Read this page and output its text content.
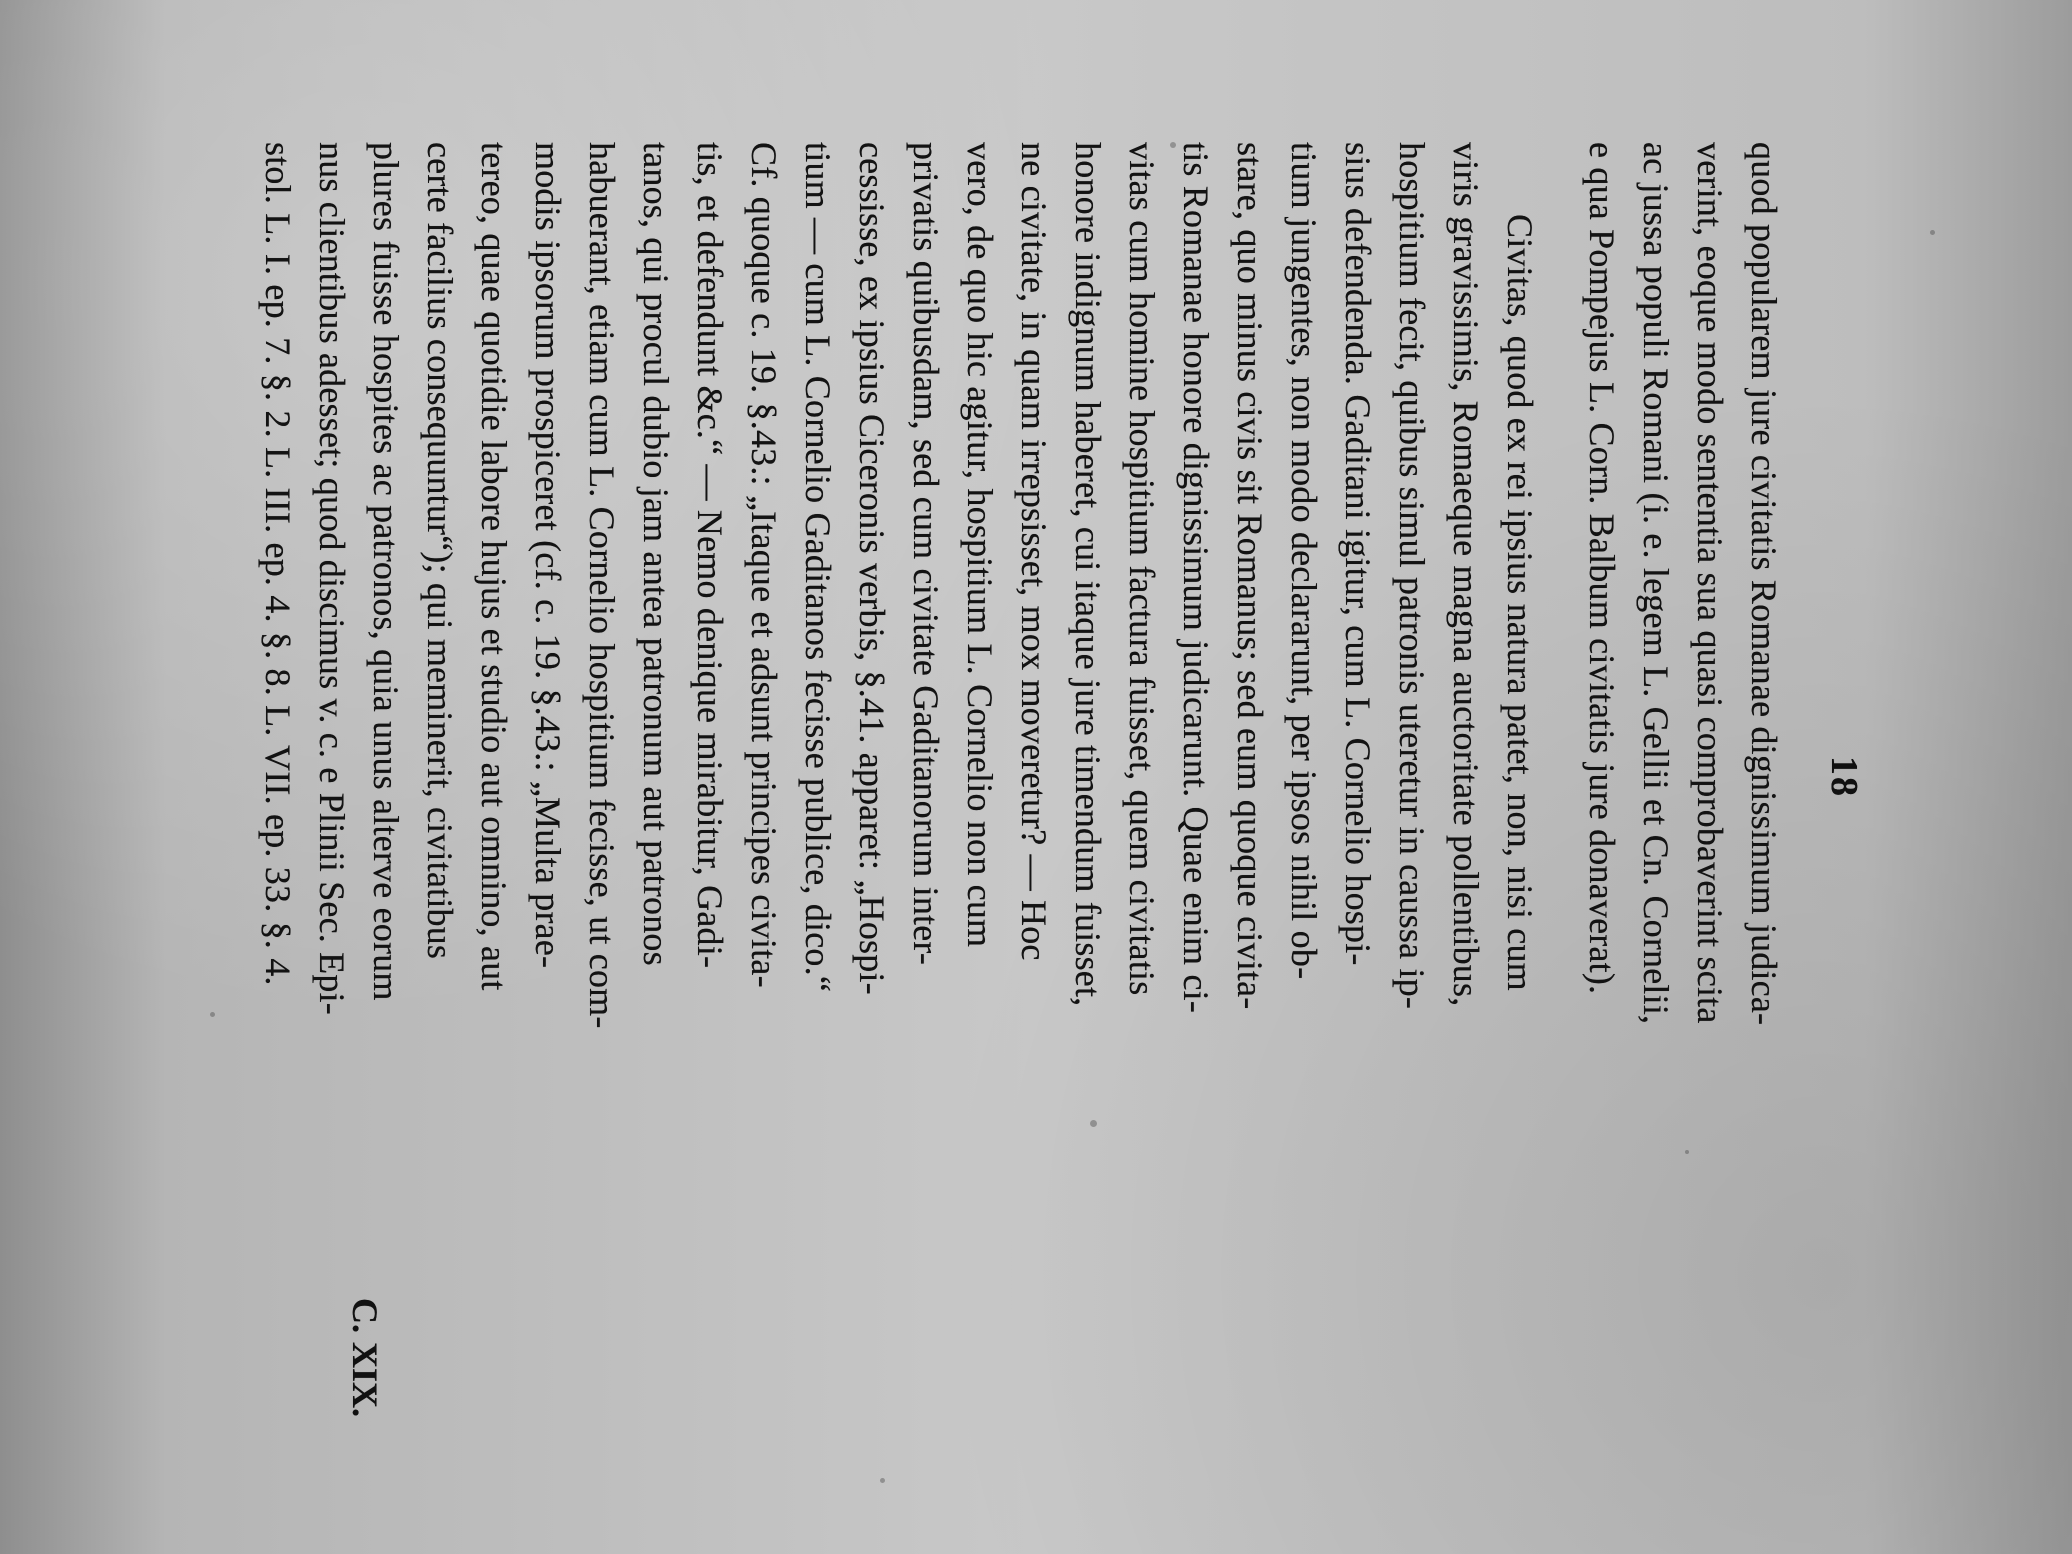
18
quod popularem jure civitatis Romanae dignissimum judica-
verint, eoque modo sententia sua quasi comprobaverint scita
ac jussa populi Romani (i. e. legem L. Gellii et Cn. Cornelii,
e qua Pompejus L. Corn. Balbum civitatis jure donaverat).
Civitas, quod ex rei ipsius natura patet, non, nisi cum
viris gravissimis, Romaeque magna auctoritate pollentibus,
hospitium fecit, quibus simul patronis uteretur in caussa ip-
sius defendenda. Gaditani igitur, cum L. Cornelio hospi-
tium jungentes, non modo declararunt, per ipsos nihil ob-
stare, quo minus civis sit Romanus; sed eum quoque civita-
tis Romanae honore dignissimum judicarunt. Quae enim ci-
vitas cum homine hospitium factura fuisset, quem civitatis
honore indignum haberet, cui itaque jure timendum fuisset,
ne civitate, in quam irrepsisset, mox moveretur? — Hoc
vero, de quo hic agitur, hospitium L. Cornelio non cum
privatis quibusdam, sed cum civitate Gaditanorum inter-
cessisse, ex ipsius Ciceronis verbis, §.41. apparet: „Hospi-
tium — cum L. Cornelio Gaditanos fecisse publice, dico.“
Cf. quoque c. 19. §.43.: „Itaque et adsunt principes civita-
tis, et defendunt &c.“ — Nemo denique mirabitur, Gadi-
tanos, qui procul dubio jam antea patronum aut patronos
habuerant, etiam cum L. Cornelio hospitium fecisse, ut com-
modis ipsorum prospiceret (cf. c. 19. §.43.: „Multa prae-
tereo, quae quotidie labore hujus et studio aut omnino, aut
certe facilius consequuntur“); qui meminerit, civitatibus
plures fuisse hospites ac patronos, quia unus alterve eorum
nus clientibus adesset; quod discimus v. c. e Plinii Sec. Epi-
stol. L. I. ep. 7. §. 2. L. III. ep. 4. §. 8. L. VII. ep. 33. §. 4.
C. XIX.
